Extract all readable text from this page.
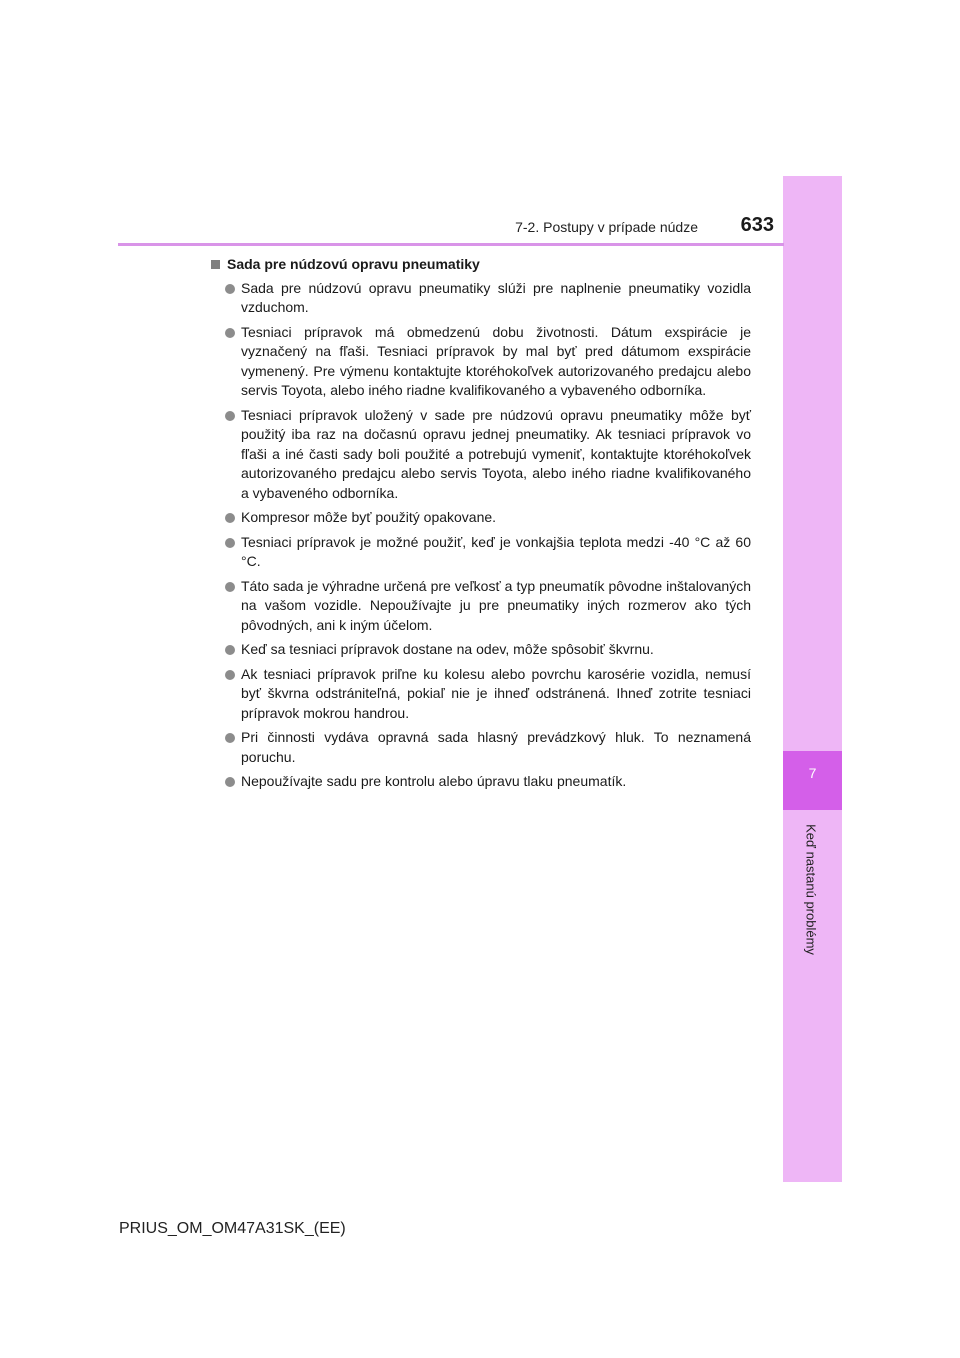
7
Keď nastanú problémy
7-2. Postupy v prípade núdze	633
Sada pre núdzovú opravu pneumatiky
Sada pre núdzovú opravu pneumatiky slúži pre naplnenie pneumatiky vozidla vzduchom.
Tesniaci prípravok má obmedzenú dobu životnosti. Dátum exspirácie je vyznačený na fľaši. Tesniaci prípravok by mal byť pred dátumom exspirácie vymenený. Pre výmenu kontaktujte ktoréhokoľvek autorizovaného predajcu alebo servis Toyota, alebo iného riadne kvalifikovaného a vybaveného odborníka.
Tesniaci prípravok uložený v sade pre núdzovú opravu pneumatiky môže byť použitý iba raz na dočasnú opravu jednej pneumatiky. Ak tesniaci prípravok vo fľaši a iné časti sady boli použité a potrebujú vymeniť, kontaktujte ktoréhokoľvek autorizovaného predajcu alebo servis Toyota, alebo iného riadne kvalifikovaného a vybaveného odborníka.
Kompresor môže byť použitý opakovane.
Tesniaci prípravok je možné použiť, keď je vonkajšia teplota medzi -40 °C až 60 °C.
Táto sada je výhradne určená pre veľkosť a typ pneumatík pôvodne inštalovaných na vašom vozidle. Nepoužívajte ju pre pneumatiky iných rozmerov ako tých pôvodných, ani k iným účelom.
Keď sa tesniaci prípravok dostane na odev, môže spôsobiť škvrnu.
Ak tesniaci prípravok priľne ku kolesu alebo povrchu karosérie vozidla, nemusí byť škvrna odstrániteľná, pokiaľ nie je ihneď odstránená. Ihneď zotrite tesniaci prípravok mokrou handrou.
Pri činnosti vydáva opravná sada hlasný prevádzkový hluk. To neznamená poruchu.
Nepoužívajte sadu pre kontrolu alebo úpravu tlaku pneumatík.
PRIUS_OM_OM47A31SK_(EE)
